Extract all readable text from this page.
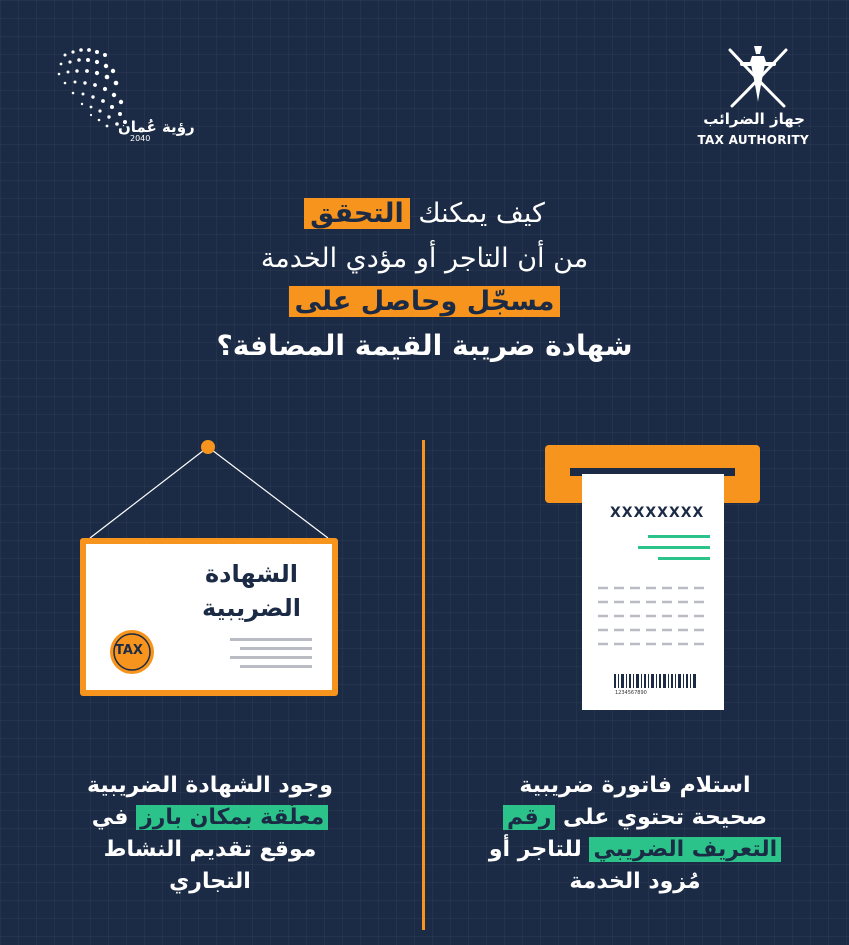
رؤية عُمان
2040
جهاز الضرائب
TAX AUTHORITY
كيف يمكنك التحقق
من أن التاجر أو مؤدي الخدمة
مسجّل وحاصل على
شهادة ضريبة القيمة المضافة؟
الشهادة
الضريبية
TAX
XXXXXXXX
1234567890
وجود الشهادة الضريبية
معلّقة بمكان بارز في
موقع تقديم النشاط
التجاري
استلام فاتورة ضريبية
صحيحة تحتوي على رقم
التعريف الضريبي للتاجر أو
مُزود الخدمة
